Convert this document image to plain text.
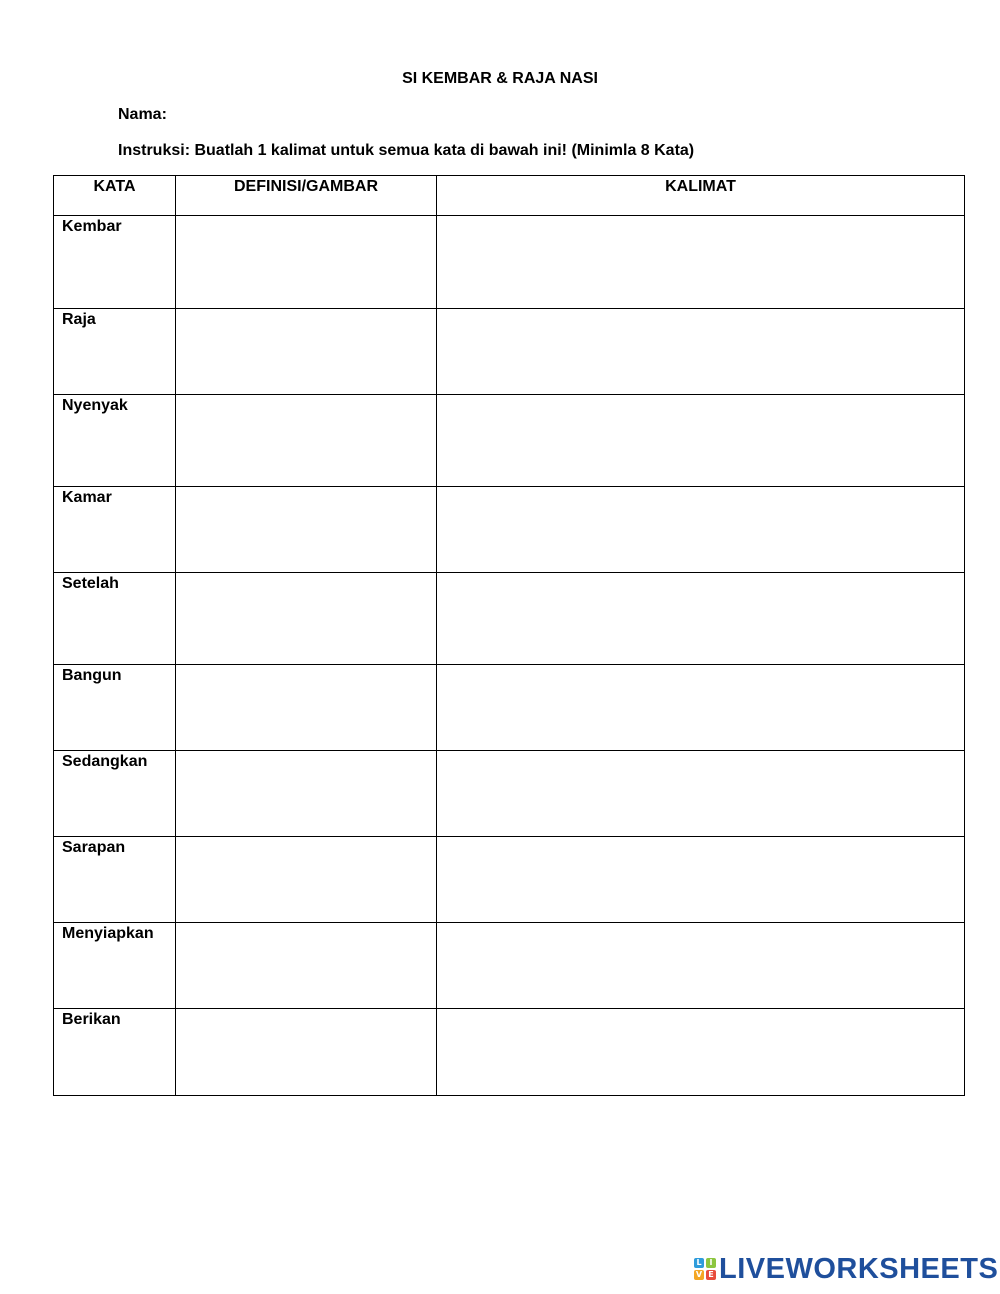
SI KEMBAR & RAJA NASI
Nama:
Instruksi: Buatlah 1 kalimat untuk semua kata di bawah ini! (Minimla 8 Kata)
KATA	DEFINISI/GAMBAR	KALIMAT
Kembar		
Raja		
Nyenyak		
Kamar		
Setelah		
Bangun		
Sedangkan		
Sarapan		
Menyiapkan		
Berikan		
L I
V E LIVEWORKSHEETS
